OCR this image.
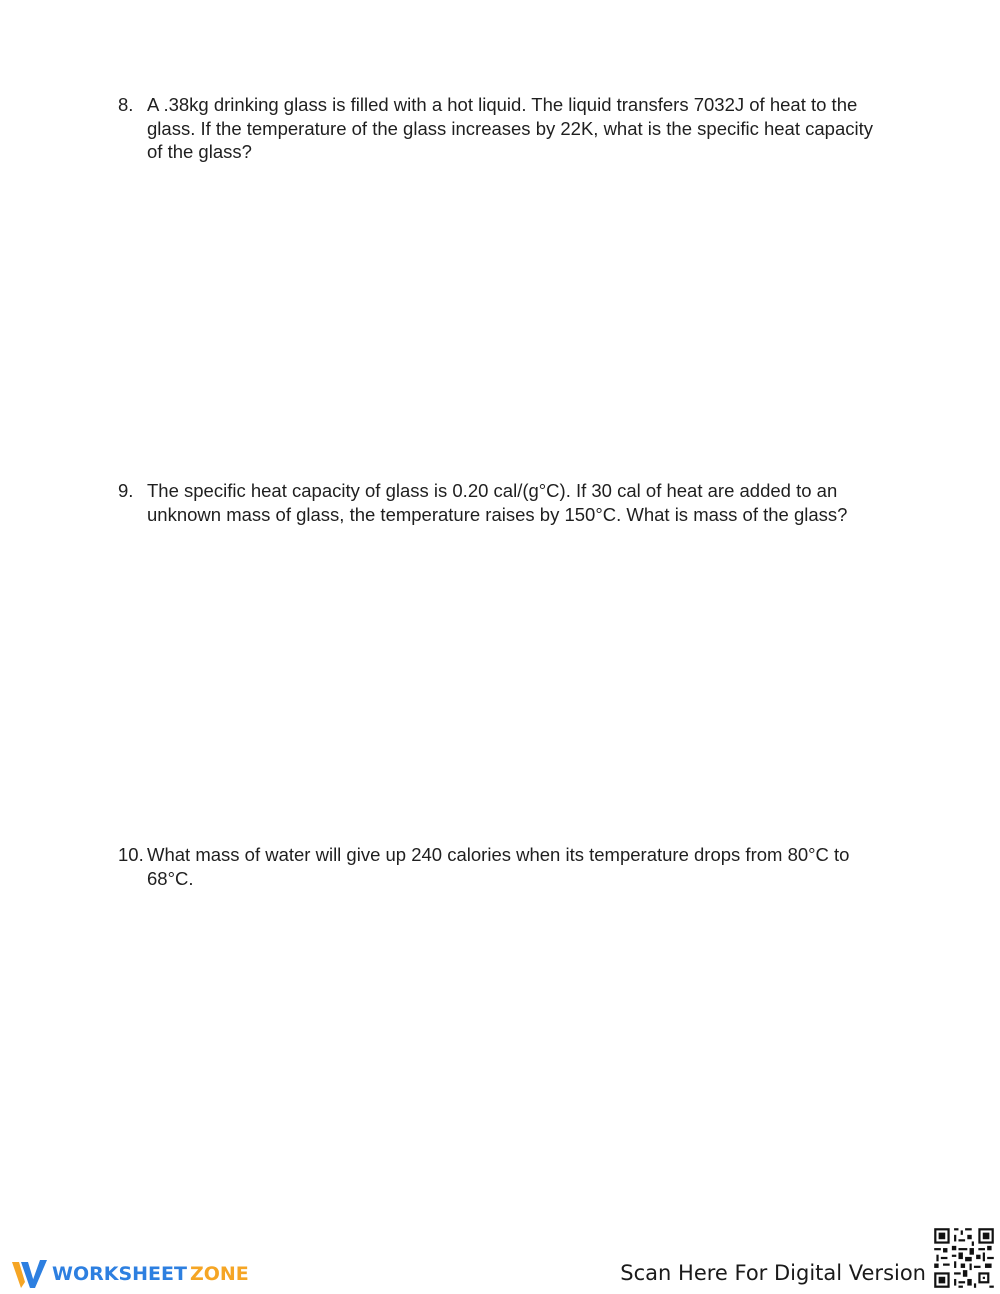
8. A .38kg drinking glass is filled with a hot liquid. The liquid transfers 7032J of heat to the glass. If the temperature of the glass increases by 22K, what is the specific heat capacity of the glass?
9. The specific heat capacity of glass is 0.20 cal/(g°C). If 30 cal of heat are added to an unknown mass of glass, the temperature raises by 150°C. What is mass of the glass?
10. What mass of water will give up 240 calories when its temperature drops from 80°C to 68°C.
WORKSHEET ZONE	Scan Here For Digital Version
